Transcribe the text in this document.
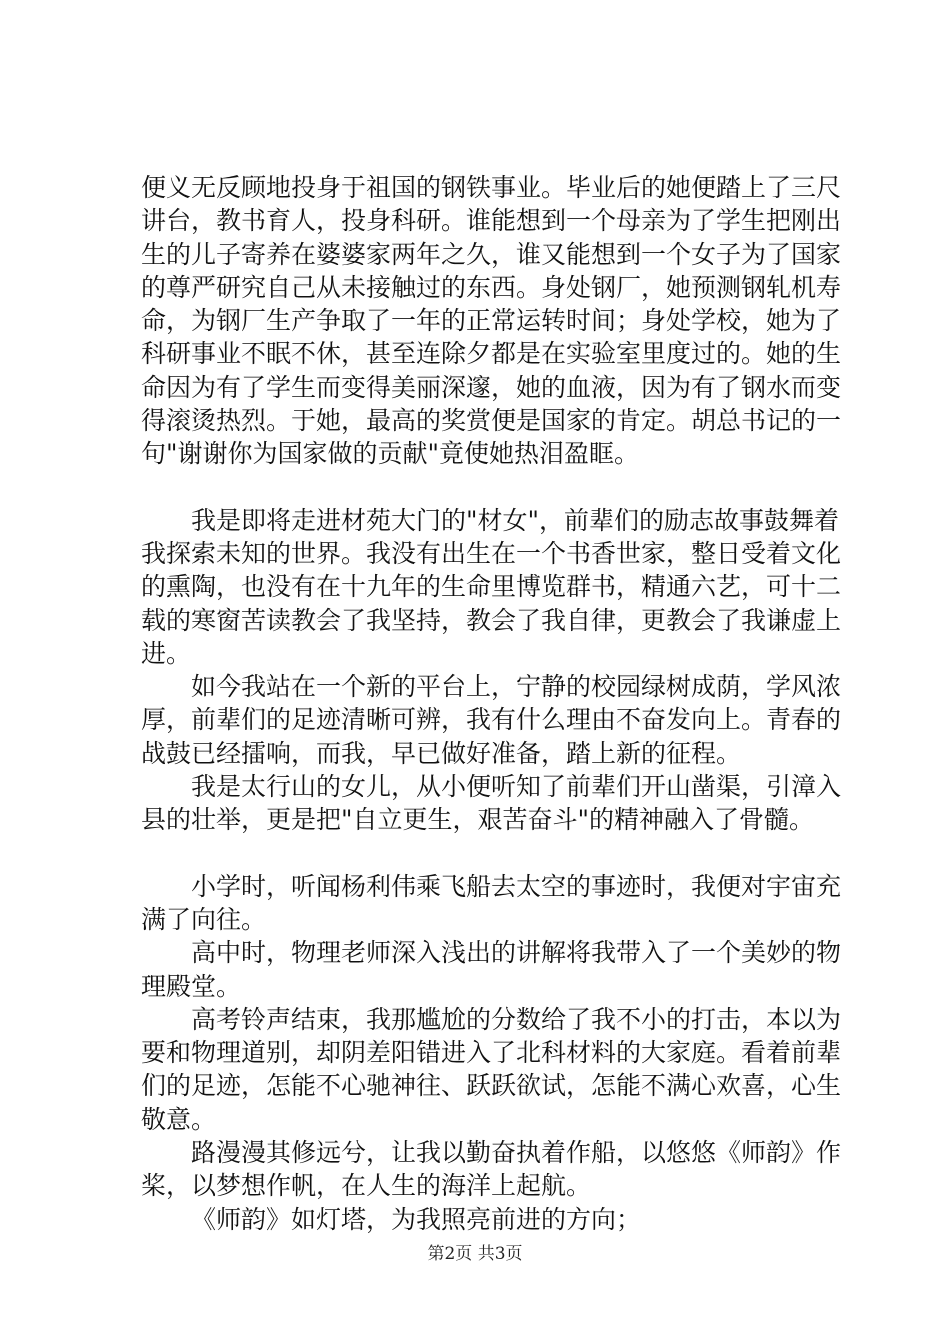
便义无反顾地投身于祖国的钢铁事业。毕业后的她便踏上了三尺讲台，教书育人，投身科研。谁能想到一个母亲为了学生把刚出生的儿子寄养在婆婆家两年之久，谁又能想到一个女子为了国家的尊严研究自己从未接触过的东西。身处钢厂，她预测钢轧机寿命，为钢厂生产争取了一年的正常运转时间；身处学校，她为了科研事业不眠不休，甚至连除夕都是在实验室里度过的。她的生命因为有了学生而变得美丽深邃，她的血液，因为有了钢水而变得滚烫热烈。于她，最高的奖赏便是国家的肯定。胡总书记的一句"谢谢你为国家做的贡献"竟使她热泪盈眶。

我是即将走进材苑大门的"材女"，前辈们的励志故事鼓舞着我探索未知的世界。我没有出生在一个书香世家，整日受着文化的熏陶，也没有在十九年的生命里博览群书，精通六艺，可十二载的寒窗苦读教会了我坚持，教会了我自律，更教会了我谦虚上进。

如今我站在一个新的平台上，宁静的校园绿树成荫，学风浓厚，前辈们的足迹清晰可辨，我有什么理由不奋发向上。青春的战鼓已经擂响，而我，早已做好准备，踏上新的征程。

我是太行山的女儿，从小便听知了前辈们开山凿渠，引漳入县的壮举，更是把"自立更生，艰苦奋斗"的精神融入了骨髓。

小学时，听闻杨利伟乘飞船去太空的事迹时，我便对宇宙充满了向往。

高中时，物理老师深入浅出的讲解将我带入了一个美妙的物理殿堂。

高考铃声结束，我那尴尬的分数给了我不小的打击，本以为要和物理道别，却阴差阳错进入了北科材料的大家庭。看着前辈们的足迹，怎能不心驰神往、跃跃欲试，怎能不满心欢喜，心生敬意。

路漫漫其修远兮，让我以勤奋执着作船，以悠悠《师韵》作桨，以梦想作帆，在人生的海洋上起航。

《师韵》如灯塔，为我照亮前进的方向；

第2页 共3页
